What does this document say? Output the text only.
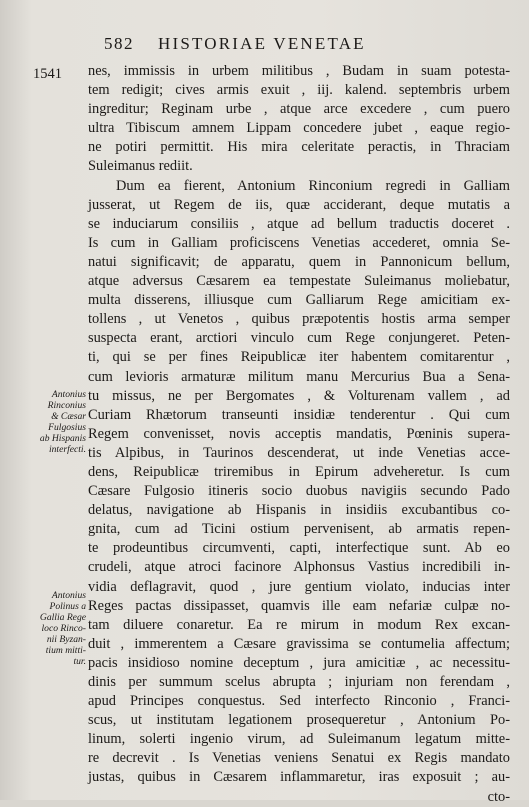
582 HISTORIAE VENETAE
1541
Antonius
Rinconius
& Cæsar
Fulgosius
ab Hispanis
interfecti.
Antonius
Polinus a
Gallia Rege
loco Rinco-
nii Byzan-
tium mitti-
tur.
nes, immissis in urbem militibus , Budam in suam potesta-
tem redigit; cives armis exuit , iij. kalend. septembris urbem
ingreditur; Reginam urbe , atque arce excedere , cum puero
ultra Tibiscum amnem Lippam concedere jubet , eaque regio-
ne potiri permittit. His mira celeritate peractis, in Thraciam
Suleimanus rediit.
Dum ea fierent, Antonium Rinconium regredi in Galliam
jusserat, ut Regem de iis, quæ acciderant, deque mutatis a
se induciarum consiliis , atque ad bellum traductis doceret .
Is cum in Galliam proficiscens Venetias accederet, omnia Se-
natui significavit; de apparatu, quem in Pannonicum bellum,
atque adversus Cæsarem ea tempestate Suleimanus moliebatur,
multa disserens, illiusque cum Galliarum Rege amicitiam ex-
tollens , ut Venetos , quibus præpotentis hostis arma semper
suspecta erant, arctiori vinculo cum Rege conjungeret. Peten-
ti, qui se per fines Reipublicæ iter habentem comitarentur ,
cum levioris armaturæ militum manu Mercurius Bua a Sena-
tu missus, ne per Bergomates , & Volturenam vallem , ad
Curiam Rhætorum transeunti insidiæ tenderentur . Qui cum
Regem convenisset, novis acceptis mandatis, Pœninis supera-
tis Alpibus, in Taurinos descenderat, ut inde Venetias acce-
dens, Reipublicæ triremibus in Epirum adveheretur. Is cum
Cæsare Fulgosio itineris socio duobus navigiis secundo Pado
delatus, navigatione ab Hispanis in insidiis excubantibus co-
gnita, cum ad Ticini ostium pervenisent, ab armatis repen-
te prodeuntibus circumventi, capti, interfectique sunt. Ab eo
crudeli, atque atroci facinore Alphonsus Vastius incredibili in-
vidia deflagravit, quod , jure gentium violato, inducias inter
Reges pactas dissipasset, quamvis ille eam nefariæ culpæ no-
tam diluere conaretur. Ea re mirum in modum Rex excan-
duit , immerentem a Cæsare gravissima se contumelia affectum;
pacis insidioso nomine deceptum , jura amicitiæ , ac necessitu-
dinis per summum scelus abrupta ; injuriam non ferendam ,
apud Principes conquestus. Sed interfecto Rinconio , Franci-
scus, ut institutam legationem prosequeretur , Antonium Po-
linum, solerti ingenio virum, ad Suleimanum legatum mitte-
re decrevit . Is Venetias veniens Senatui ex Regis mandato
justas, quibus in Cæsarem inflammaretur, iras exposuit ; au-
cto-
